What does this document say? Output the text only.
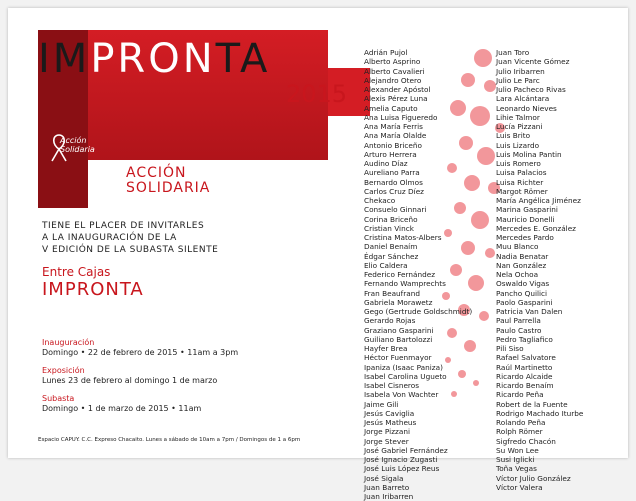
IMPRONTA
2015
Acción
Solidaria
ACCIÓN
SOLIDARIA
TIENE EL PLACER DE INVITARLES
A LA INAUGURACIÓN DE LA
V EDICIÓN DE LA SUBASTA SILENTE
Entre Cajas
IMPRONTA
Inauguración
Domingo • 22 de febrero de 2015 • 11am a 3pm
Exposición
Lunes 23 de febrero al domingo 1 de marzo
Subasta
Domingo • 1 de marzo de 2015 • 11am
Espacio CAPUY. C.C. Expreso Chacaito. Lunes a sábado de 10am a 7pm / Domingos de 1 a 6pm
Adrián Pujol
Alberto Asprino
Alberto Cavalieri
Alejandro Otero
Alexander Apóstol
Alexis Pérez Luna
Amelia Caputo
Ana Luisa Figueredo
Ana María Ferris
Ana María Olalde
Antonio Briceño
Arturo Herrera
Audino Díaz
Aureliano Parra
Bernardo Olmos
Carlos Cruz Díez
Chekaco
Consuelo Ginnari
Corina Briceño
Cristian Vinck
Cristina Matos-Albers
Daniel Benaím
Édgar Sánchez
Elio Caldera
Federico Fernández
Fernando Wamprechts
Fran Beaufrand
Gabriela Morawetz
Gego (Gertrude Goldschmidt)
Gerardo Rojas
Graziano Gasparini
Guiliano Bartolozzi
Hayfer Brea
Héctor Fuenmayor
Ipaniza (Isaac Paniza)
Isabel Carolina Ugueto
Isabel Cisneros
Isabela Von Wachter
Jaime Gili
Jesús Caviglia
Jesús Matheus
Jorge Pizzani
Jorge Stever
José Gabriel Fernández
José Ignacio Zugasti
José Luis López Reus
José Sigala
Juan Barreto
Juan Iribarren
Juan Toro
Juan Vicente Gómez
Julio Iribarren
Julio Le Parc
Julio Pacheco Rivas
Lara Alcántara
Leonardo Nieves
Lihie Talmor
Lucía Pizzani
Luis Brito
Luis Lizardo
Luis Molina Pantin
Luis Romero
Luisa Palacios
Luisa Richter
Margot Römer
María Angélica Jiménez
Marina Gasparini
Mauricio Donelli
Mercedes E. González
Mercedes Pardo
Muu Blanco
Nadia Benatar
Nan González
Nela Ochoa
Oswaldo Vigas
Pancho Quilici
Paolo Gasparini
Patricia Van Dalen
Paul Parrella
Paulo Castro
Pedro Tagliafico
Pili Siso
Rafael Salvatore
Raúl Martinetto
Ricardo Alcaide
Ricardo Benaím
Ricardo Peña
Robert de la Fuente
Rodrigo Machado Iturbe
Rolando Peña
Rolph Römer
Sigfredo Chacón
Su Won Lee
Susi Iglicki
Toña Vegas
Víctor Julio González
Víctor Valera
